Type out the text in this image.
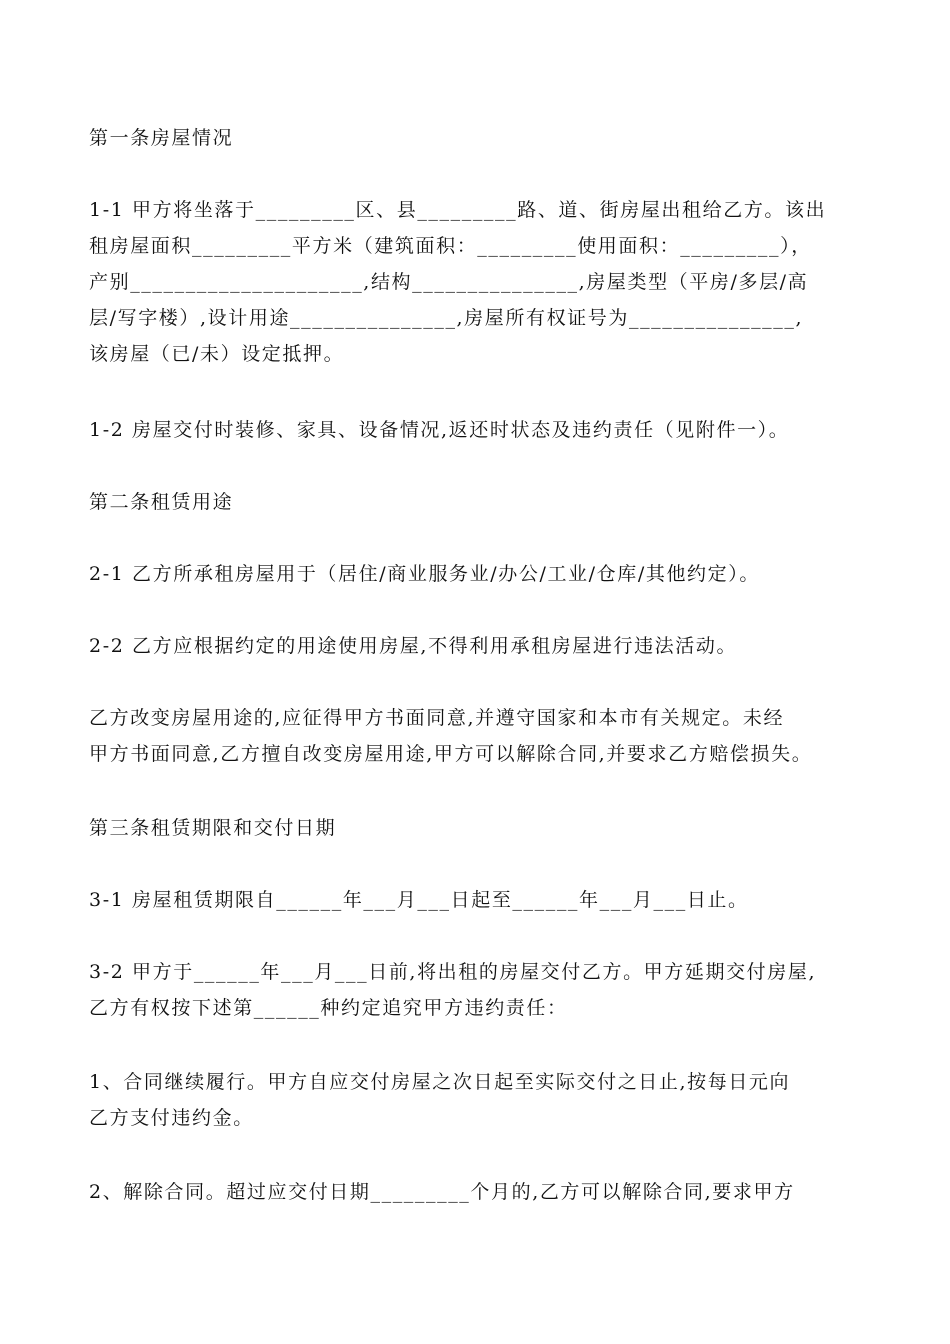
第一条房屋情况

1-1 甲方将坐落于_________区、县_________路、道、街房屋出租给乙方。该出
租房屋面积_________平方米（建筑面积：_________使用面积：_________），
产别_____________________,结构_______________,房屋类型（平房/多层/高
层/写字楼）,设计用途_______________,房屋所有权证号为_______________,
该房屋（已/未）设定抵押。

1-2 房屋交付时装修、家具、设备情况,返还时状态及违约责任（见附件一）。

第二条租赁用途

2-1 乙方所承租房屋用于（居住/商业服务业/办公/工业/仓库/其他约定）。

2-2 乙方应根据约定的用途使用房屋,不得利用承租房屋进行违法活动。

乙方改变房屋用途的,应征得甲方书面同意,并遵守国家和本市有关规定。未经
甲方书面同意,乙方擅自改变房屋用途,甲方可以解除合同,并要求乙方赔偿损失。

第三条租赁期限和交付日期

3-1 房屋租赁期限自______年___月___日起至______年___月___日止。

3-2 甲方于______年___月___日前,将出租的房屋交付乙方。甲方延期交付房屋,
乙方有权按下述第______种约定追究甲方违约责任：

1、合同继续履行。甲方自应交付房屋之次日起至实际交付之日止,按每日元向
乙方支付违约金。

2、解除合同。超过应交付日期_________个月的,乙方可以解除合同,要求甲方
